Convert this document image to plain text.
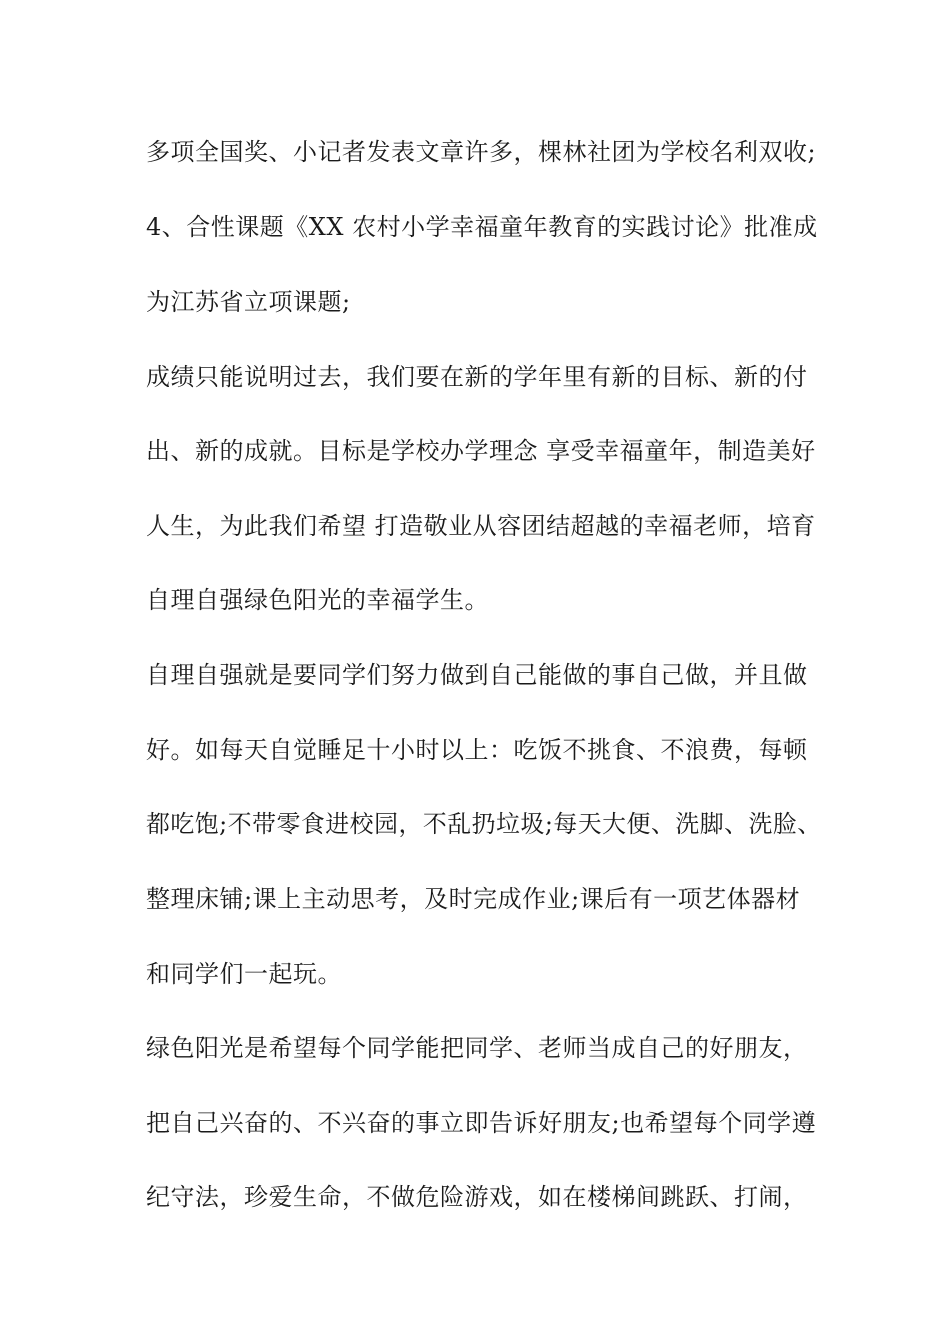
多项全国奖、小记者发表文章许多，棵林社团为学校名利双收;

4、合性课题《XX 农村小学幸福童年教育的实践讨论》批准成

为江苏省立项课题;

成绩只能说明过去，我们要在新的学年里有新的目标、新的付

出、新的成就。目标是学校办学理念 享受幸福童年，制造美好

人生，为此我们希望 打造敬业从容团结超越的幸福老师，培育

自理自强绿色阳光的幸福学生。

自理自强就是要同学们努力做到自己能做的事自己做，并且做

好。如每天自觉睡足十小时以上：吃饭不挑食、不浪费，每顿

都吃饱;不带零食进校园，不乱扔垃圾;每天大便、洗脚、洗脸、

整理床铺;课上主动思考，及时完成作业;课后有一项艺体器材

和同学们一起玩。

绿色阳光是希望每个同学能把同学、老师当成自己的好朋友，

把自己兴奋的、不兴奋的事立即告诉好朋友;也希望每个同学遵

纪守法，珍爱生命，不做危险游戏，如在楼梯间跳跃、打闹，
